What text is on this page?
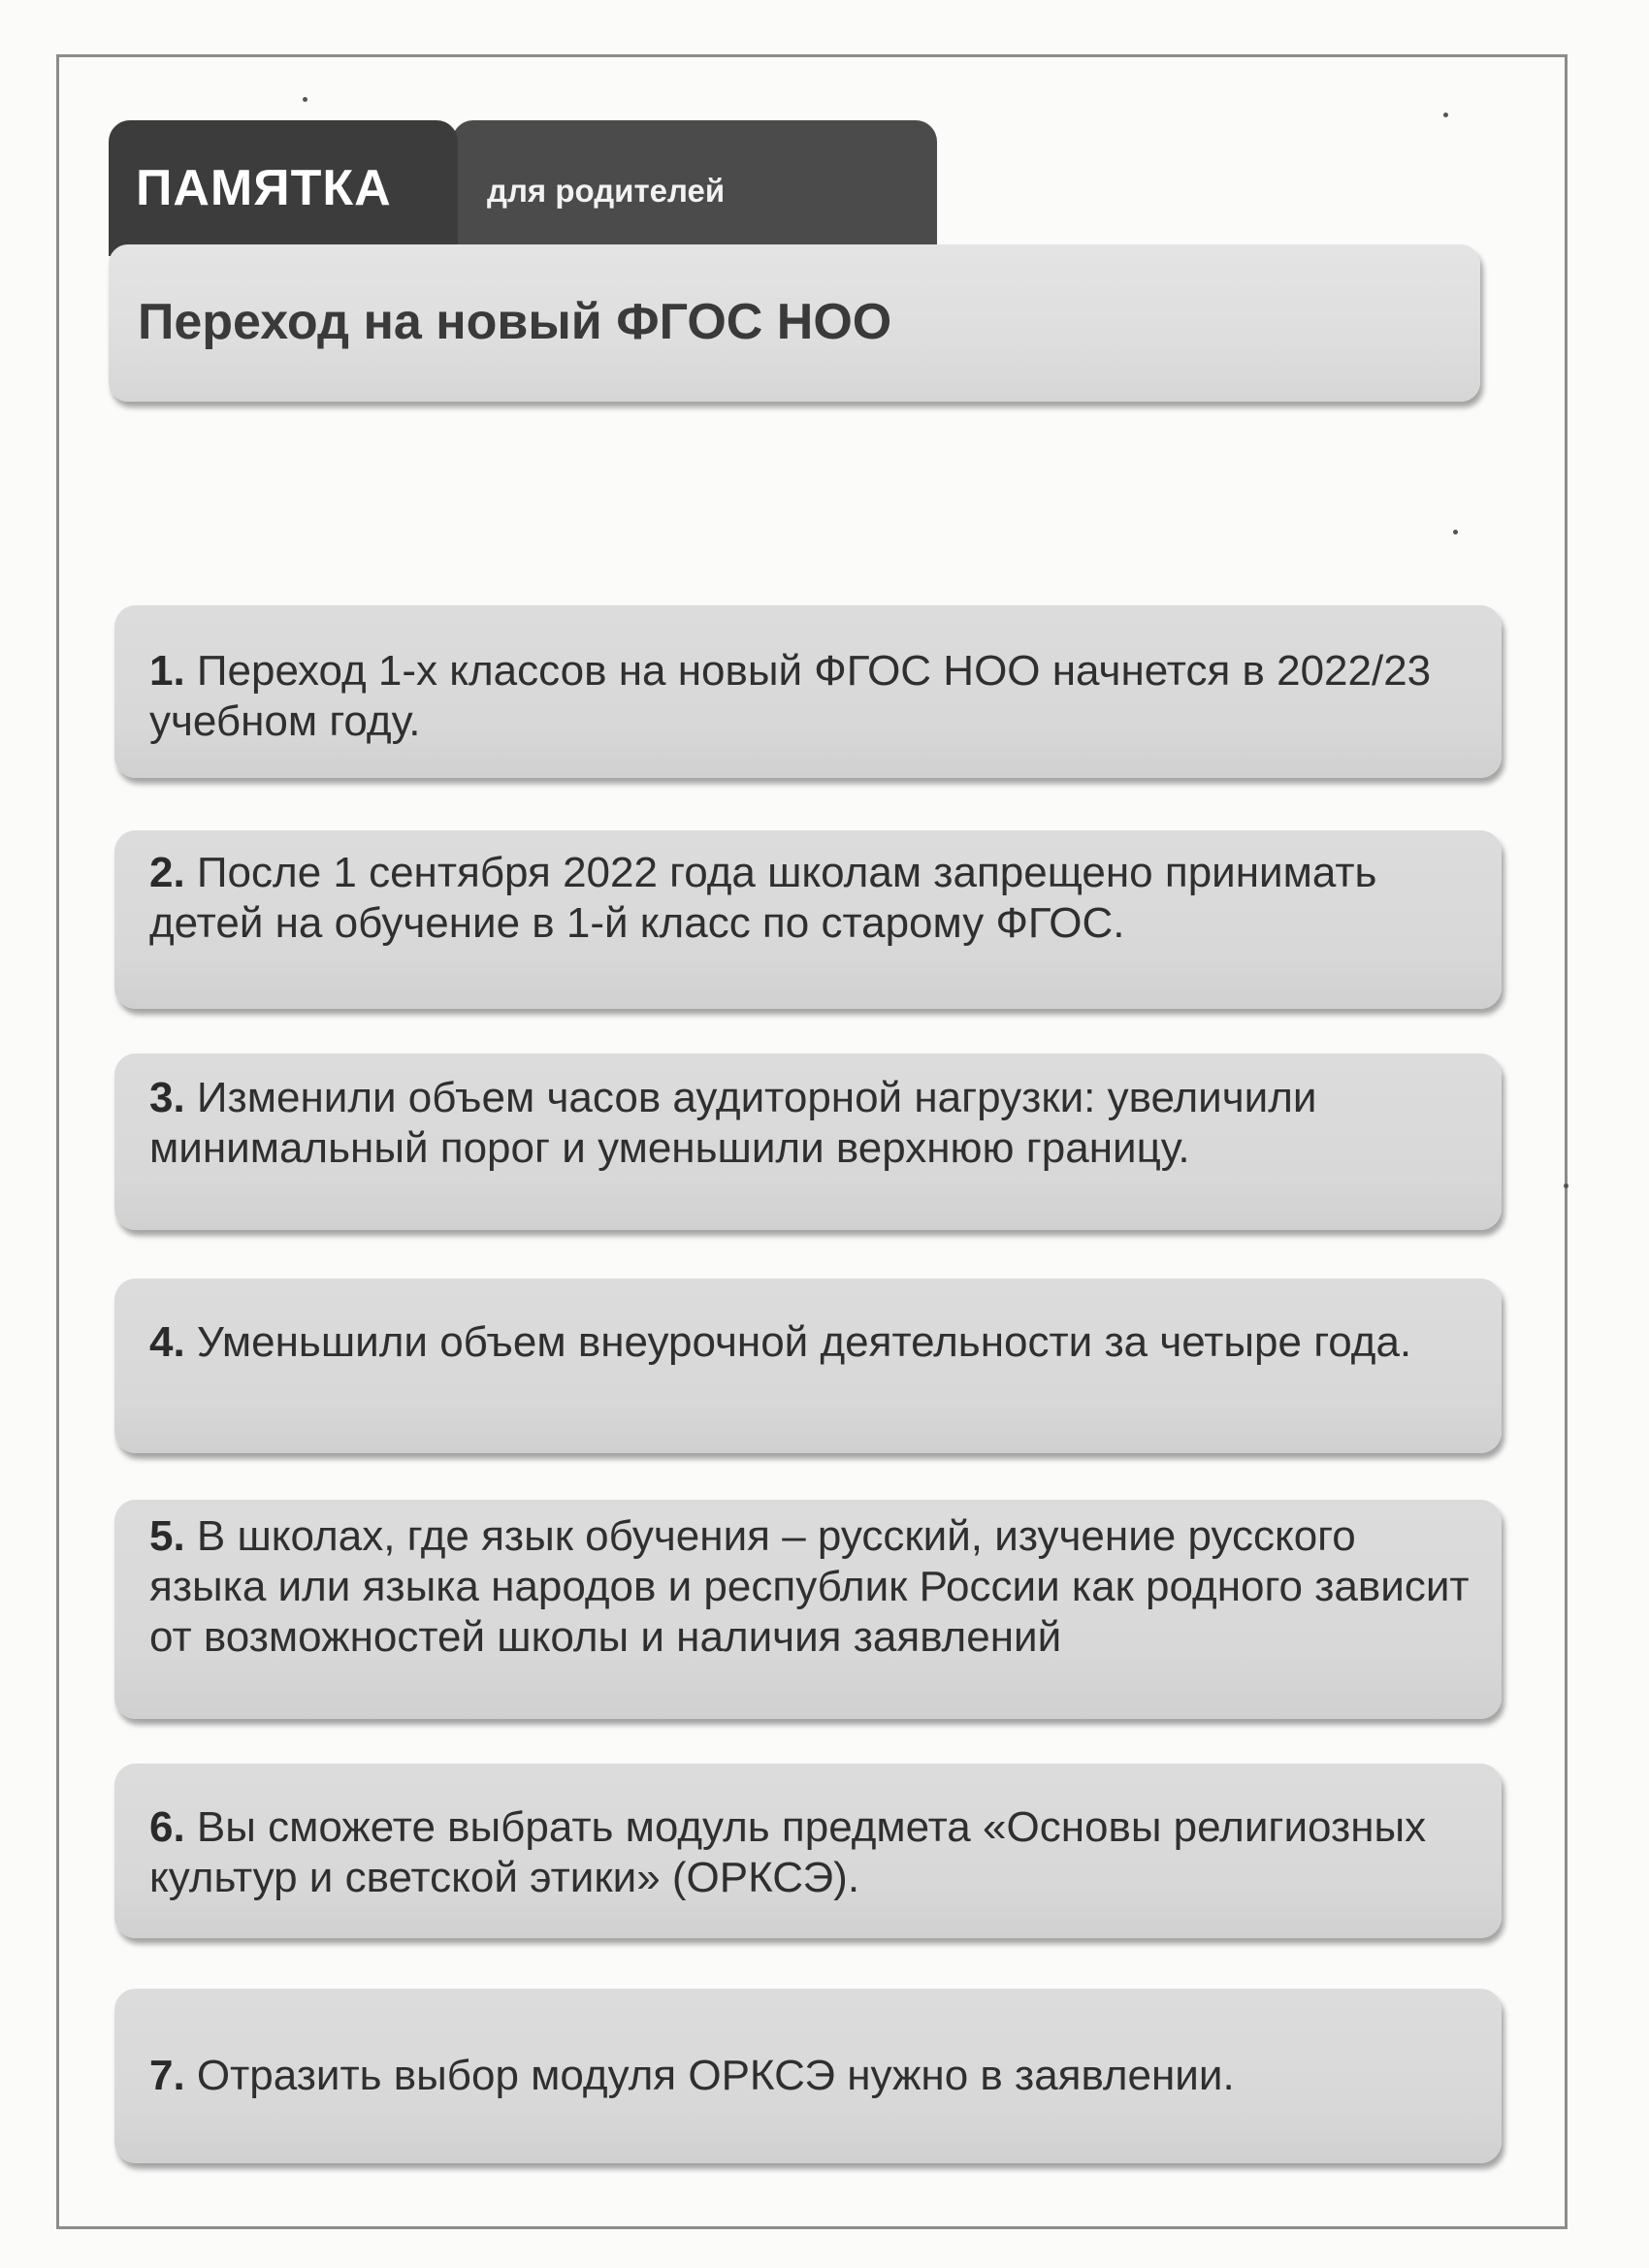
ПАМЯТКА	для родителей
Переход на новый ФГОС НОО
1. Переход 1-х классов на новый ФГОС НОО начнется в 2022/23 учебном году.
2. После 1 сентября 2022 года школам запрещено принимать детей на обучение в 1-й класс по старому ФГОС.
3. Изменили объем часов аудиторной нагрузки: увеличили минимальный порог и уменьшили верхнюю границу.
4. Уменьшили объем внеурочной деятельности за четыре года.
5. В школах, где язык обучения – русский, изучение русского языка или языка народов и республик России как родного зависит от возможностей школы и наличия заявлений
6. Вы сможете выбрать модуль предмета «Основы религиозных культур и светской этики» (ОРКСЭ).
7. Отразить выбор модуля ОРКСЭ нужно в заявлении.
